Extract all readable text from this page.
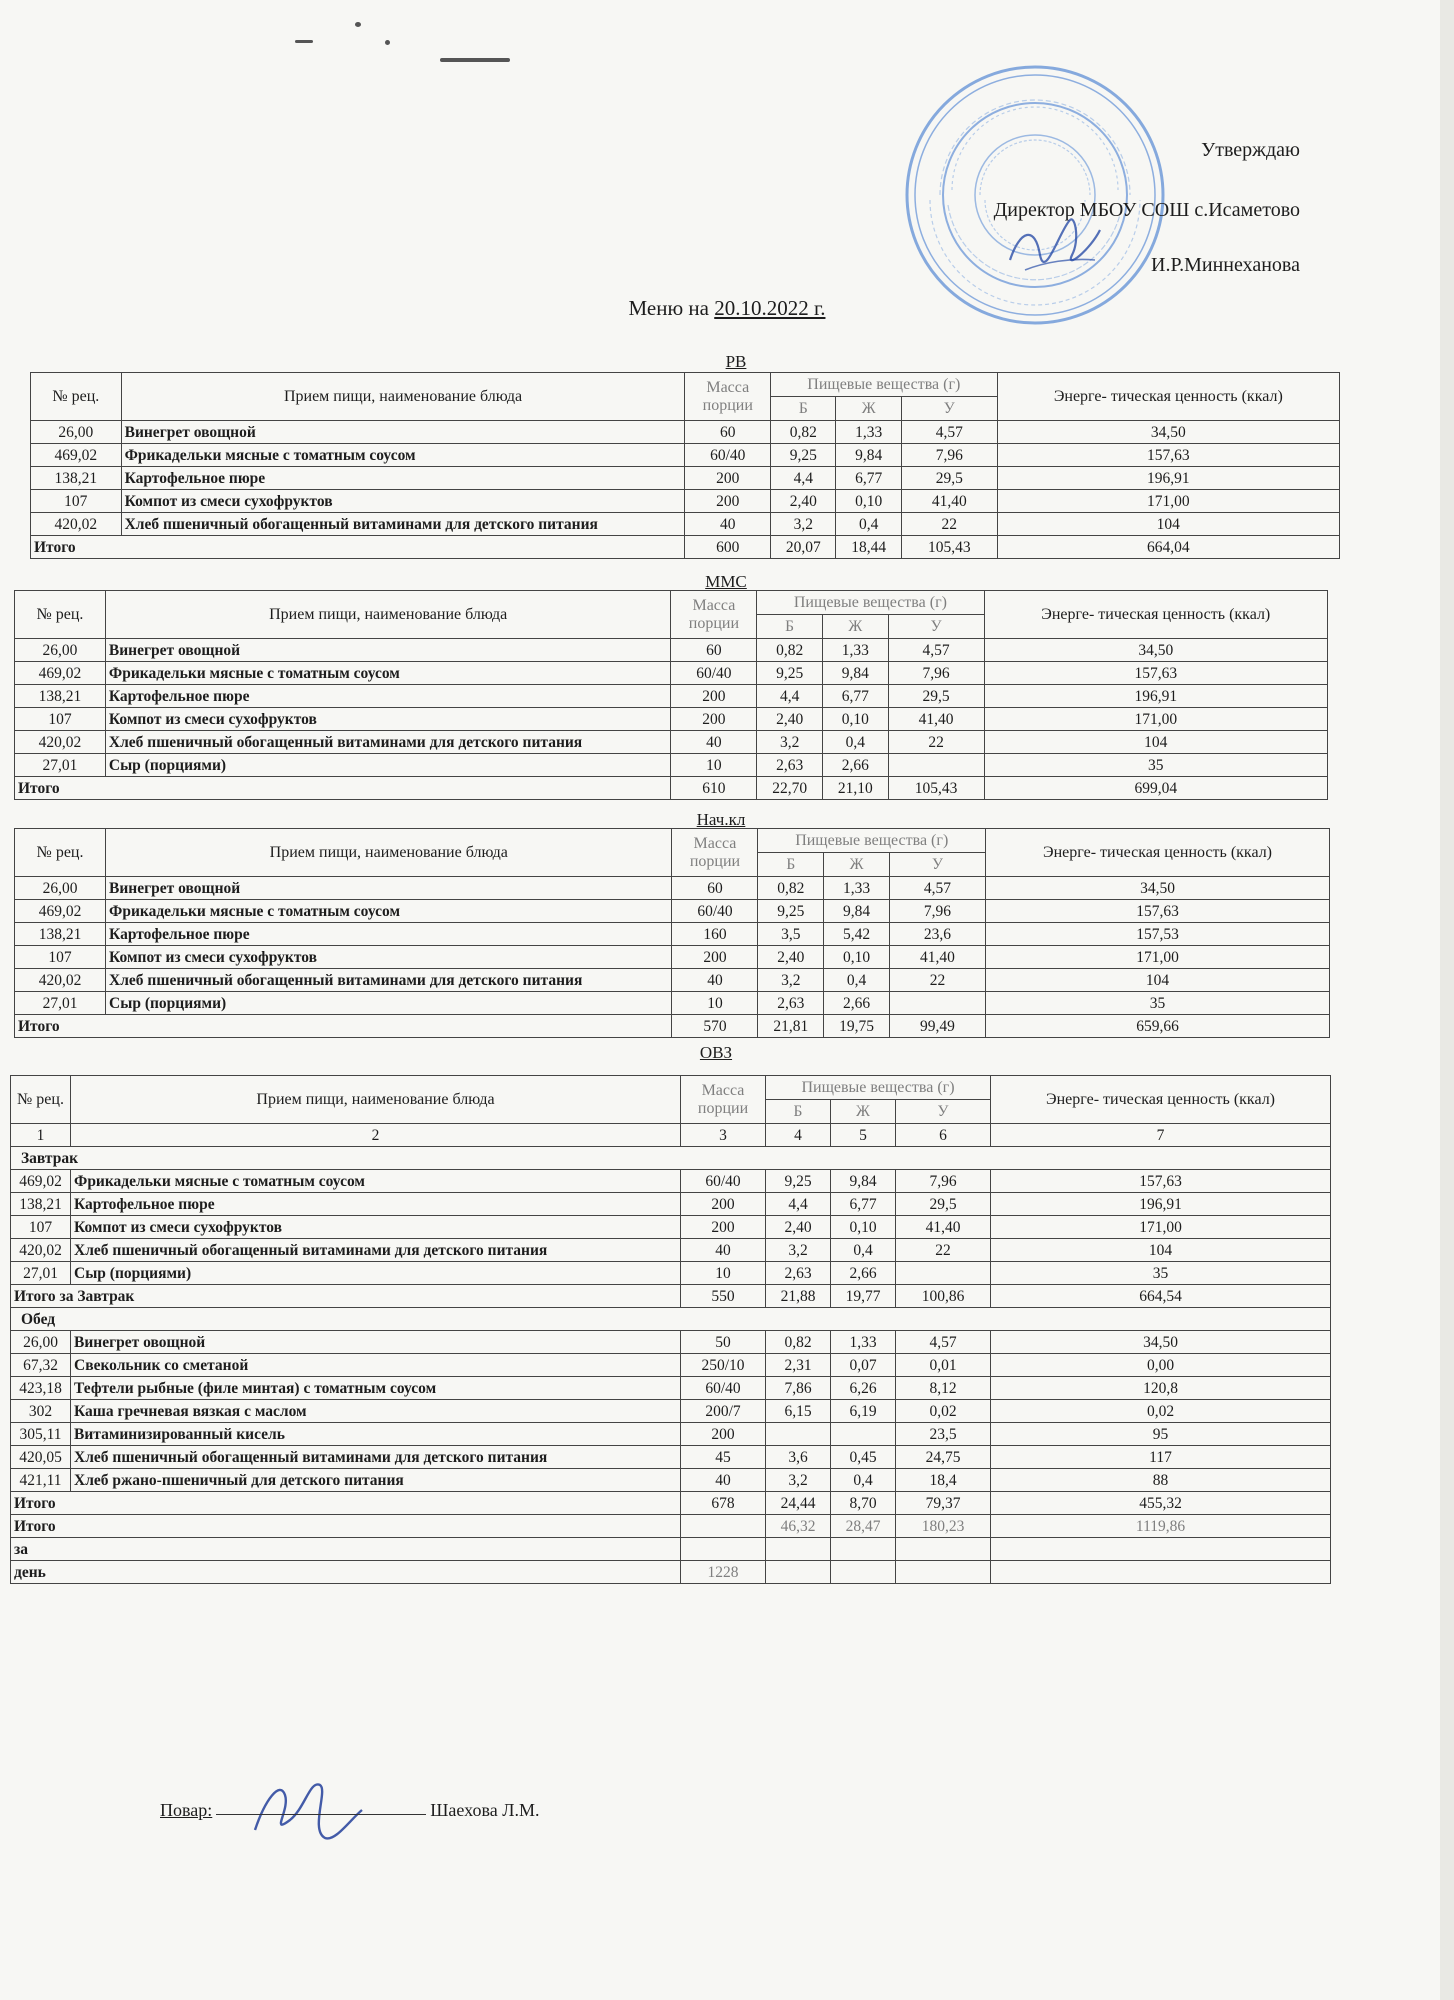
Утверждаю
Директор МБОУ СОШ с.Исаметово
И.Р.Миннеханова
Меню на 20.10.2022 г.
РВ
ММС
Нач.кл
ОВЗ
№ рец.	Прием пищи, наименование блюда	Масса порции	Пищевые вещества (г)			Энерге- тическая ценность (ккал)
			Б	Ж	У	
26,00	Винегрет овощной	60	0,82	1,33	4,57	34,50
469,02	Фрикадельки мясные с томатным соусом	60/40	9,25	9,84	7,96	157,63
138,21	Картофельное пюре	200	4,4	6,77	29,5	196,91
107	Компот из смеси сухофруктов	200	2,40	0,10	41,40	171,00
420,02	Хлеб пшеничный обогащенный витаминами для детского питания	40	3,2	0,4	22	104
Итого		600	20,07	18,44	105,43	664,04
№ рец.	Прием пищи, наименование блюда	Масса порции	Пищевые вещества (г)			Энерге- тическая ценность (ккал)
			Б	Ж	У	
26,00	Винегрет овощной	60	0,82	1,33	4,57	34,50
469,02	Фрикадельки мясные с томатным соусом	60/40	9,25	9,84	7,96	157,63
138,21	Картофельное пюре	200	4,4	6,77	29,5	196,91
107	Компот из смеси сухофруктов	200	2,40	0,10	41,40	171,00
420,02	Хлеб пшеничный обогащенный витаминами для детского питания	40	3,2	0,4	22	104
27,01	Сыр (порциями)	10	2,63	2,66		35
Итого		610	22,70	21,10	105,43	699,04
№ рец.	Прием пищи, наименование блюда	Масса порции	Пищевые вещества (г)			Энерге- тическая ценность (ккал)
			Б	Ж	У	
26,00	Винегрет овощной	60	0,82	1,33	4,57	34,50
469,02	Фрикадельки мясные с томатным соусом	60/40	9,25	9,84	7,96	157,63
138,21	Картофельное пюре	160	3,5	5,42	23,6	157,53
107	Компот из смеси сухофруктов	200	2,40	0,10	41,40	171,00
420,02	Хлеб пшеничный обогащенный витаминами для детского питания	40	3,2	0,4	22	104
27,01	Сыр (порциями)	10	2,63	2,66		35
Итого		570	21,81	19,75	99,49	659,66
№ рец.	Прием пищи, наименование блюда	Масса порции	Пищевые вещества (г)			Энерге- тическая ценность (ккал)
			Б	Ж	У	
1	2	3	4	5	6	7
Завтрак						
469,02	Фрикадельки мясные с томатным соусом	60/40	9,25	9,84	7,96	157,63
138,21	Картофельное пюре	200	4,4	6,77	29,5	196,91
107	Компот из смеси сухофруктов	200	2,40	0,10	41,40	171,00
420,02	Хлеб пшеничный обогащенный витаминами для детского питания	40	3,2	0,4	22	104
27,01	Сыр (порциями)	10	2,63	2,66		35
Итого за Завтрак		550	21,88	19,77	100,86	664,54
Обед						
26,00	Винегрет овощной	50	0,82	1,33	4,57	34,50
67,32	Свекольник со сметаной	250/10	2,31	0,07	0,01	0,00
423,18	Тефтели рыбные (филе минтая) с томатным соусом	60/40	7,86	6,26	8,12	120,8
302	Каша гречневая вязкая с маслом	200/7	6,15	6,19	0,02	0,02
305,11	Витаминизированный кисель	200			23,5	95
420,05	Хлеб пшеничный обогащенный витаминами для детского питания	45	3,6	0,45	24,75	117
421,11	Хлеб ржано-пшеничный для детского питания	40	3,2	0,4	18,4	88
Итого		678	24,44	8,70	79,37	455,32
Итого			46,32	28,47	180,23	1119,86
за						
день		1228				
Повар:	Шаехова Л.М.
